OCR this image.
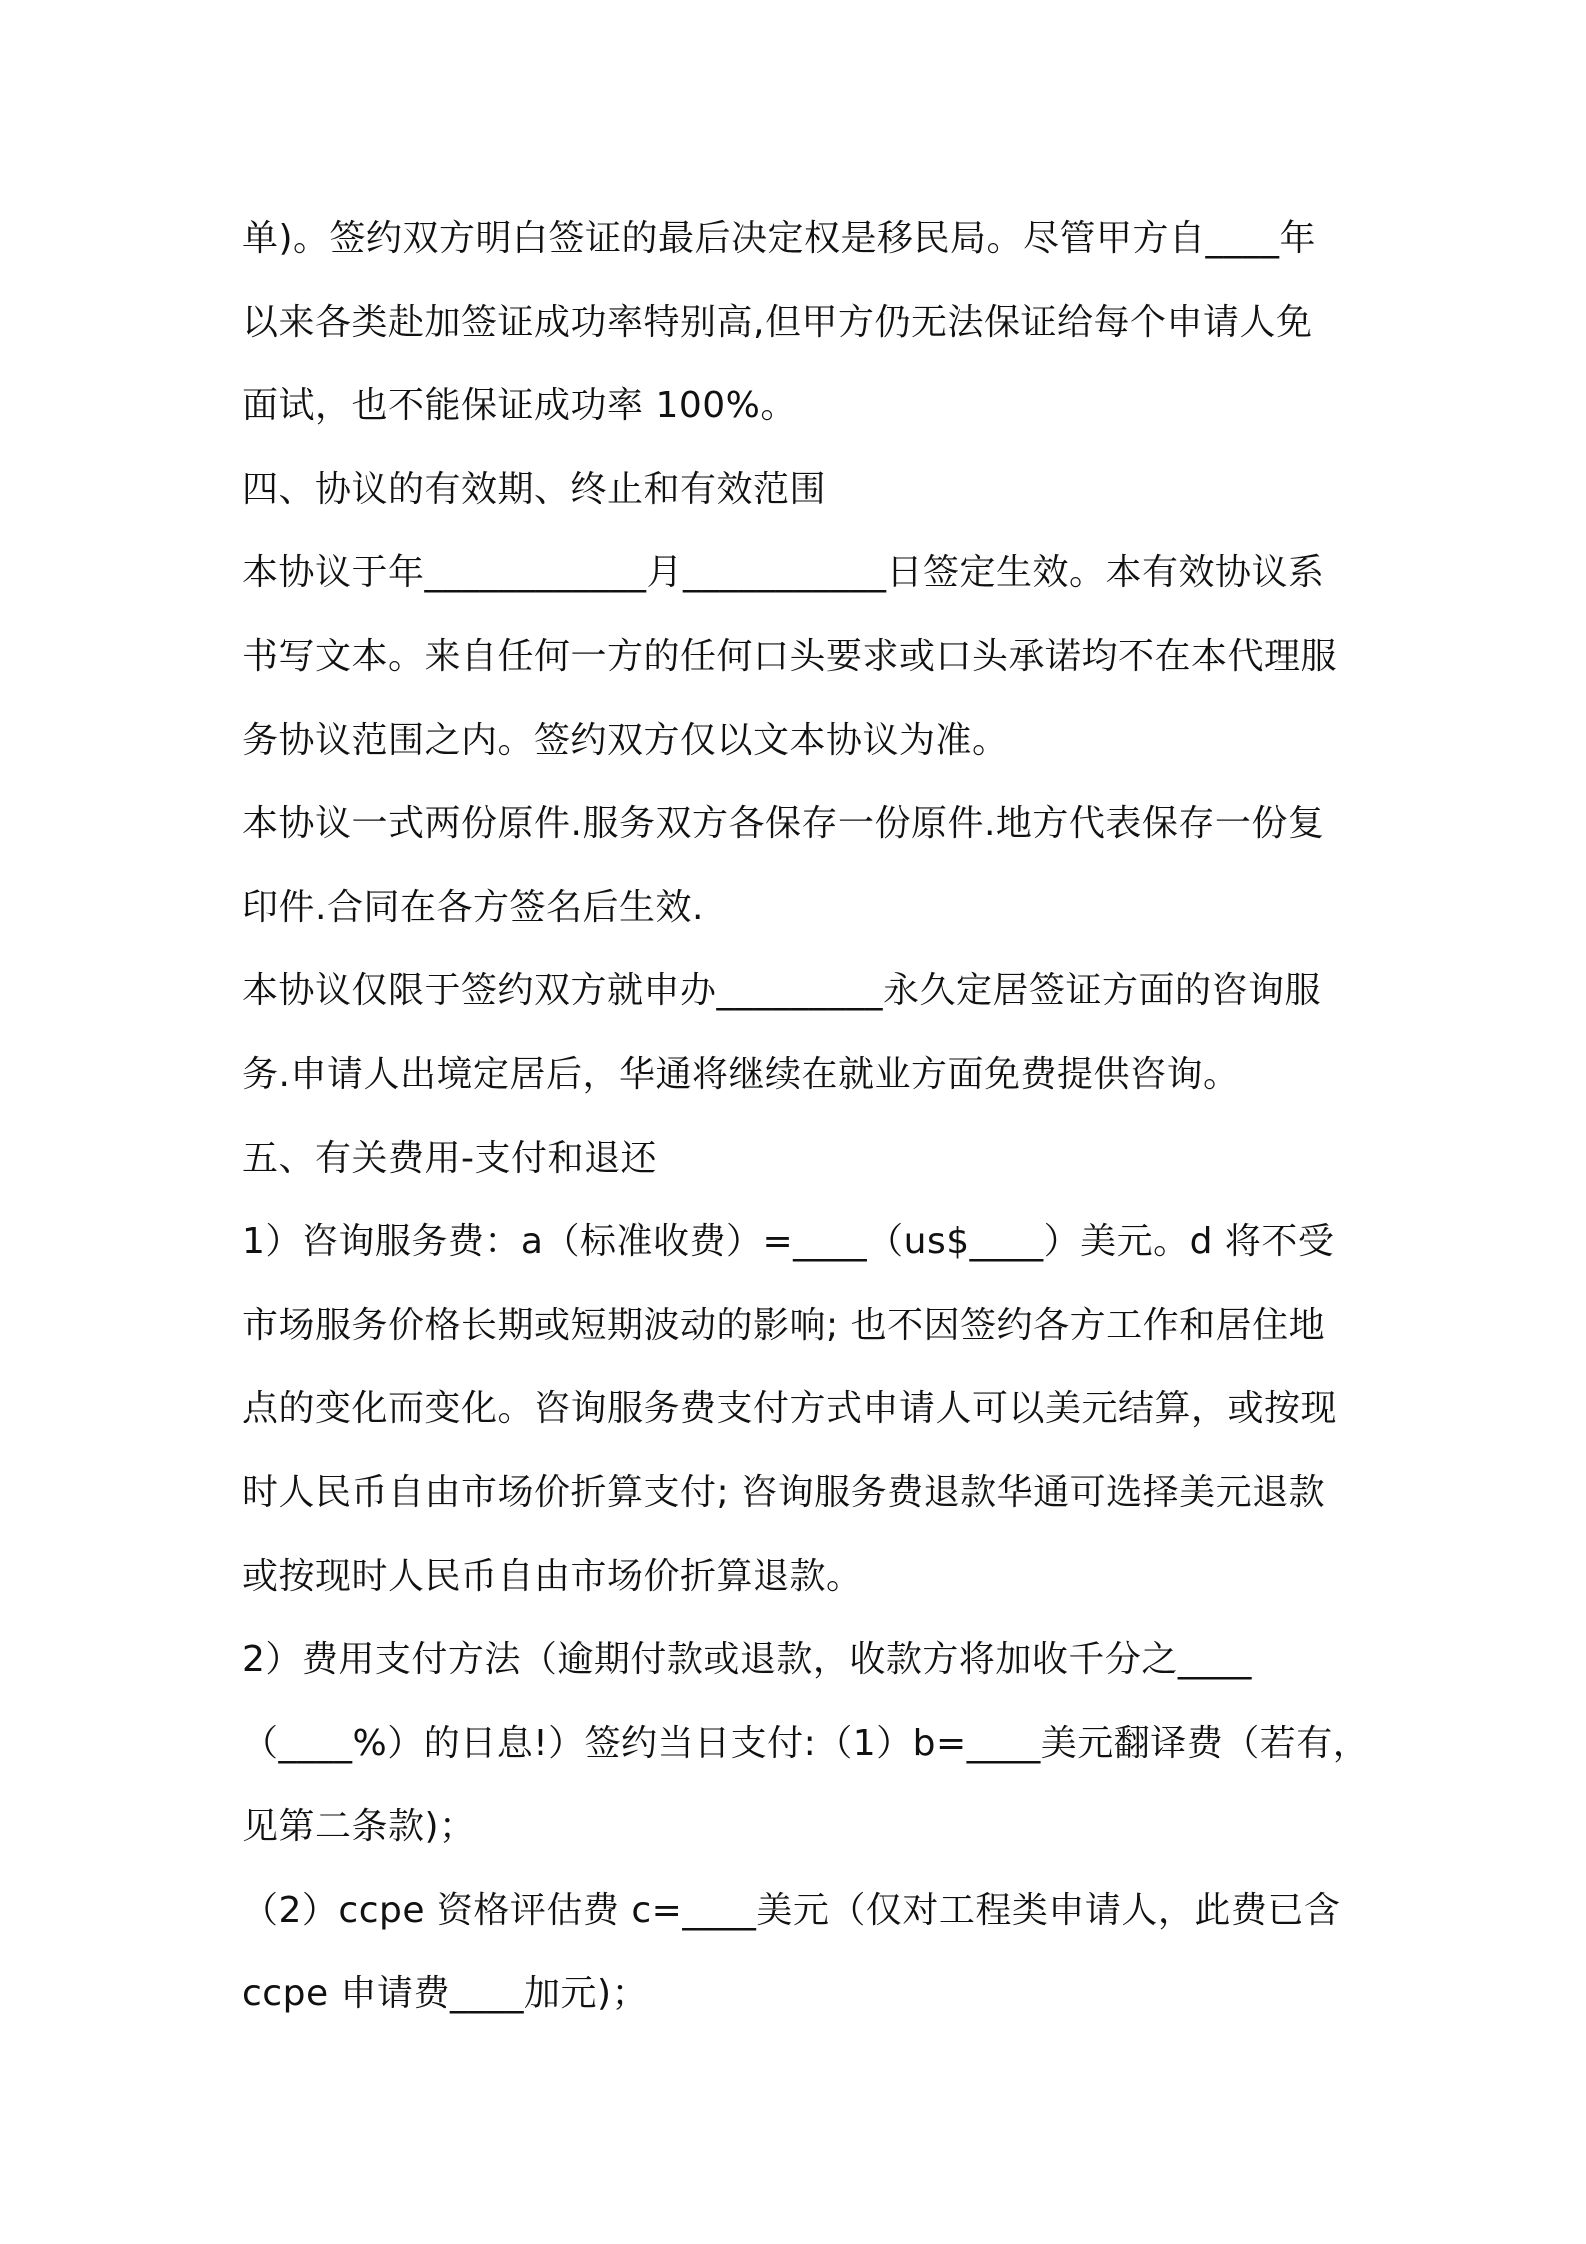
单)。签约双方明白签证的最后决定权是移民局。尽管甲方自____年
以来各类赴加签证成功率特别高,但甲方仍无法保证给每个申请人免
面试，也不能保证成功率 100%。
四、协议的有效期、终止和有效范围
本协议于年____________月___________日签定生效。本有效协议系
书写文本。来自任何一方的任何口头要求或口头承诺均不在本代理服
务协议范围之内。签约双方仅以文本协议为准。
本协议一式两份原件.服务双方各保存一份原件.地方代表保存一份复
印件.合同在各方签名后生效.
本协议仅限于签约双方就申办_________永久定居签证方面的咨询服
务.申请人出境定居后，华通将继续在就业方面免费提供咨询。
五、有关费用-支付和退还
1）咨询服务费：a（标准收费）=____（us$____）美元。d 将不受
市场服务价格长期或短期波动的影响; 也不因签约各方工作和居住地
点的变化而变化。咨询服务费支付方式申请人可以美元结算，或按现
时人民币自由市场价折算支付; 咨询服务费退款华通可选择美元退款
或按现时人民币自由市场价折算退款。
2）费用支付方法（逾期付款或退款，收款方将加收千分之____
（____%）的日息!）签约当日支付:（1）b=____美元翻译费（若有，
见第二条款)；
（2）ccpe 资格评估费 c=____美元（仅对工程类申请人，此费已含
ccpe 申请费____加元)；
